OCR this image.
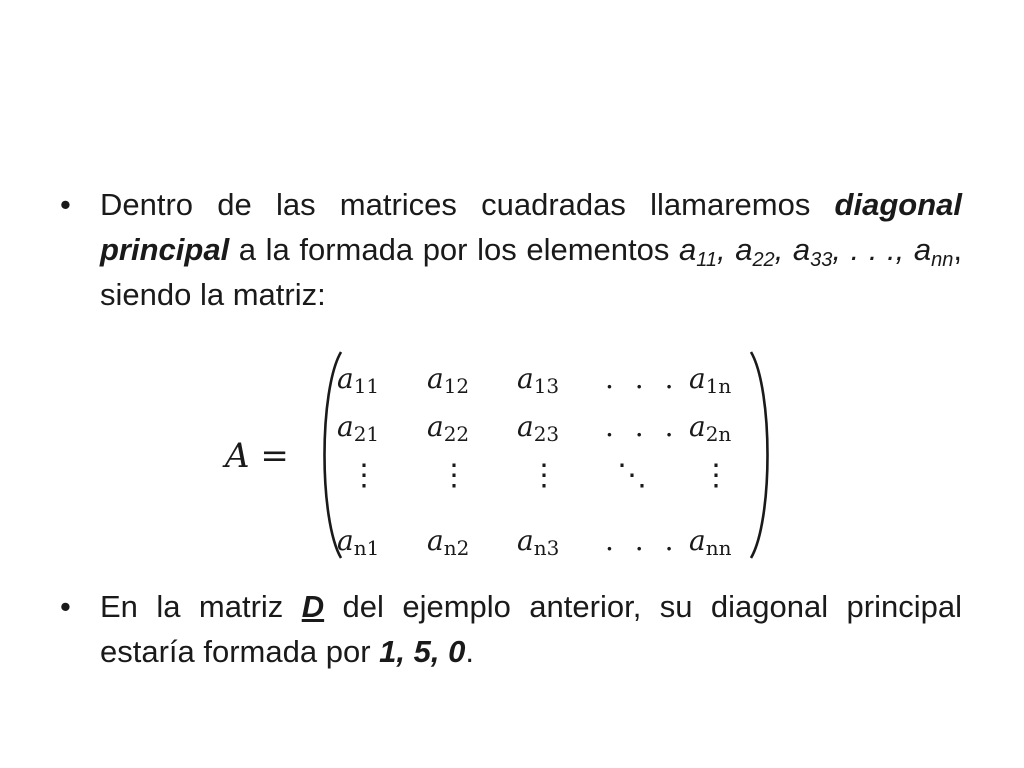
• Dentro de las matrices cuadradas llamaremos diagonal principal a la formada por los elementos $a_{11}$, $a_{22}$, $a_{33}$, . . ., $a_{nn}$, siendo la matriz:
A =
$a_{11}$ $a_{12}$ $a_{13}$ . . . $a_{1n}$
$a_{21}$ $a_{22}$ $a_{23}$ . . . $a_{2n}$
⋮ ⋮ ⋮ ⋱ ⋮
$a_{n1}$ $a_{n2}$ $a_{n3}$ . . . $a_{nn}$
• En la matriz D del ejemplo anterior, su diagonal principal estaría formada por 1, 5, 0.
